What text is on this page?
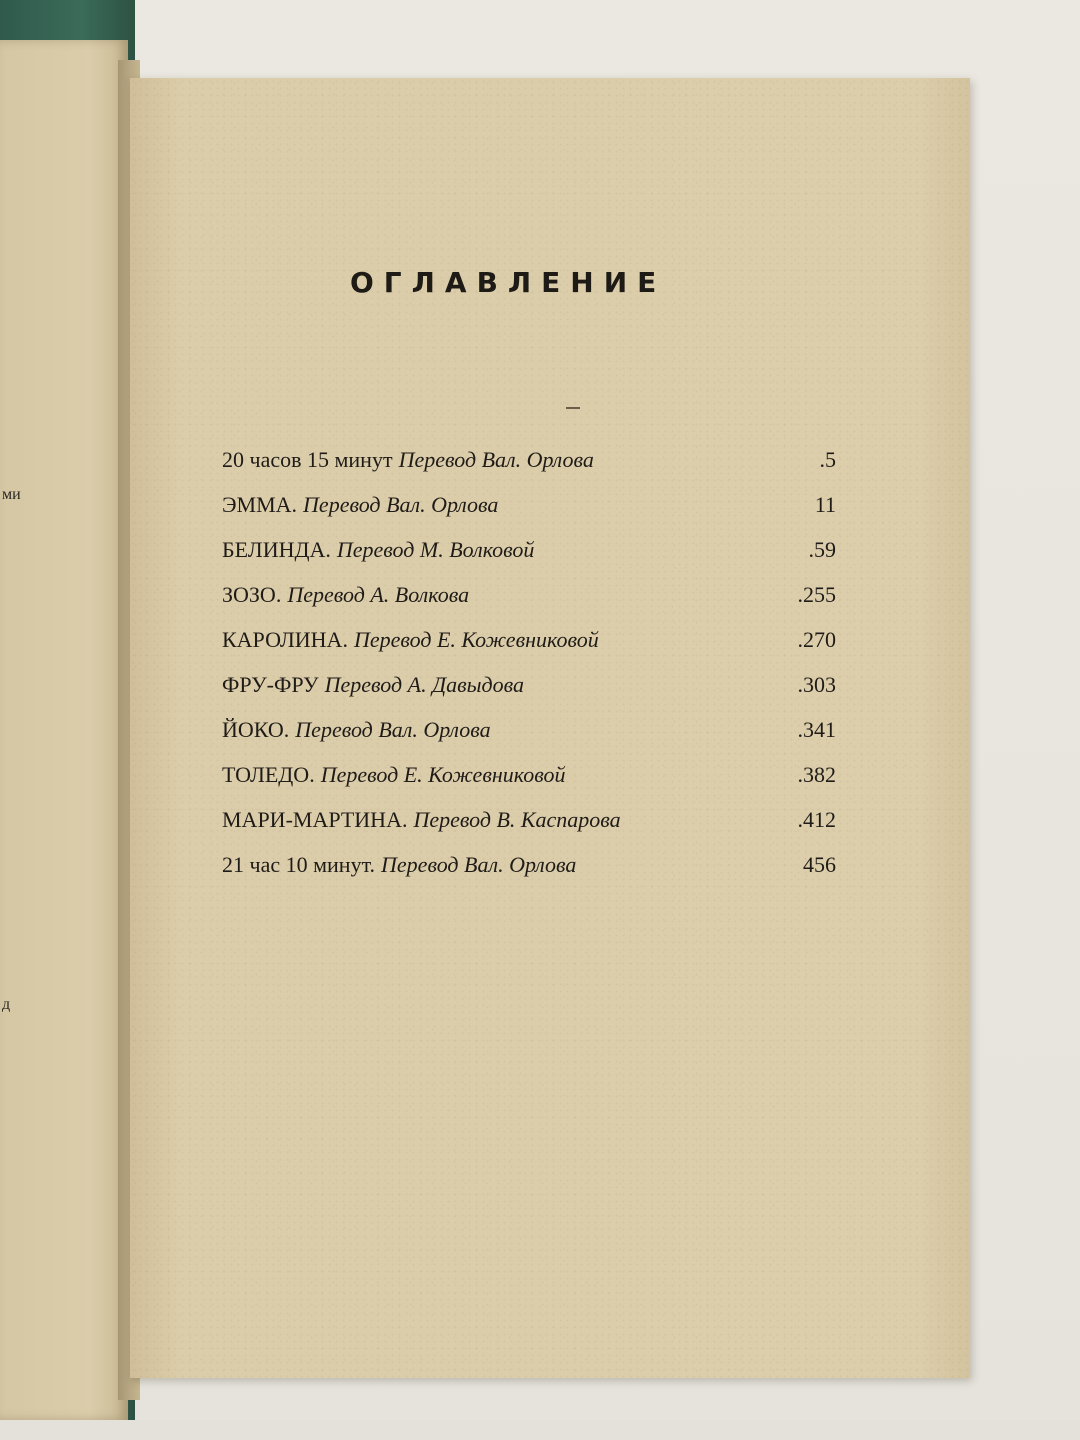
ми
д
ОГЛАВЛЕНИЕ
20 часов 15 минут Перевод Вал. Орлова	.5
ЭММА. Перевод Вал. Орлова	11
БЕЛИНДА. Перевод М. Волковой	.59
ЗОЗО. Перевод А. Волкова	.255
КАРОЛИНА. Перевод Е. Кожевниковой	.270
ФРУ-ФРУ Перевод А. Давыдова	.303
ЙОКО. Перевод Вал. Орлова	.341
ТОЛЕДО. Перевод Е. Кожевниковой	.382
МАРИ-МАРТИНА. Перевод В. Каспарова	.412
21 час 10 минут. Перевод Вал. Орлова	456
